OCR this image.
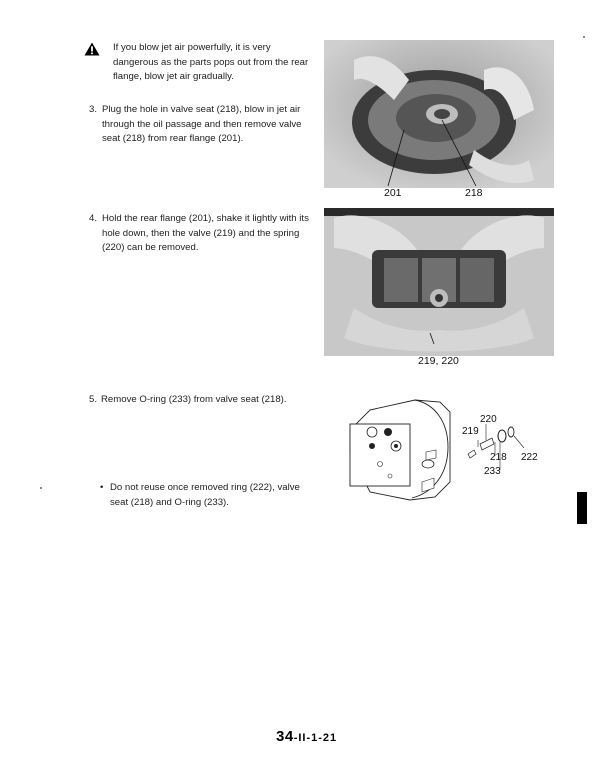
If you blow jet air powerfully, it is very dangerous as the parts pops out from the rear flange, blow jet air gradually.
3. Plug the hole in valve seat (218), blow in jet air through the oil passage and then remove valve seat (218) from rear flange (201).
4. Hold the rear flange (201), shake it lightly with its hole down, then the valve (219) and the spring (220) can be removed.
5. Remove O-ring (233) from valve seat (218).
• Do not reuse once removed ring (222), valve seat (218) and O-ring (233).
201	218
219, 220
220
219
218 222
233
34-II-1-21
